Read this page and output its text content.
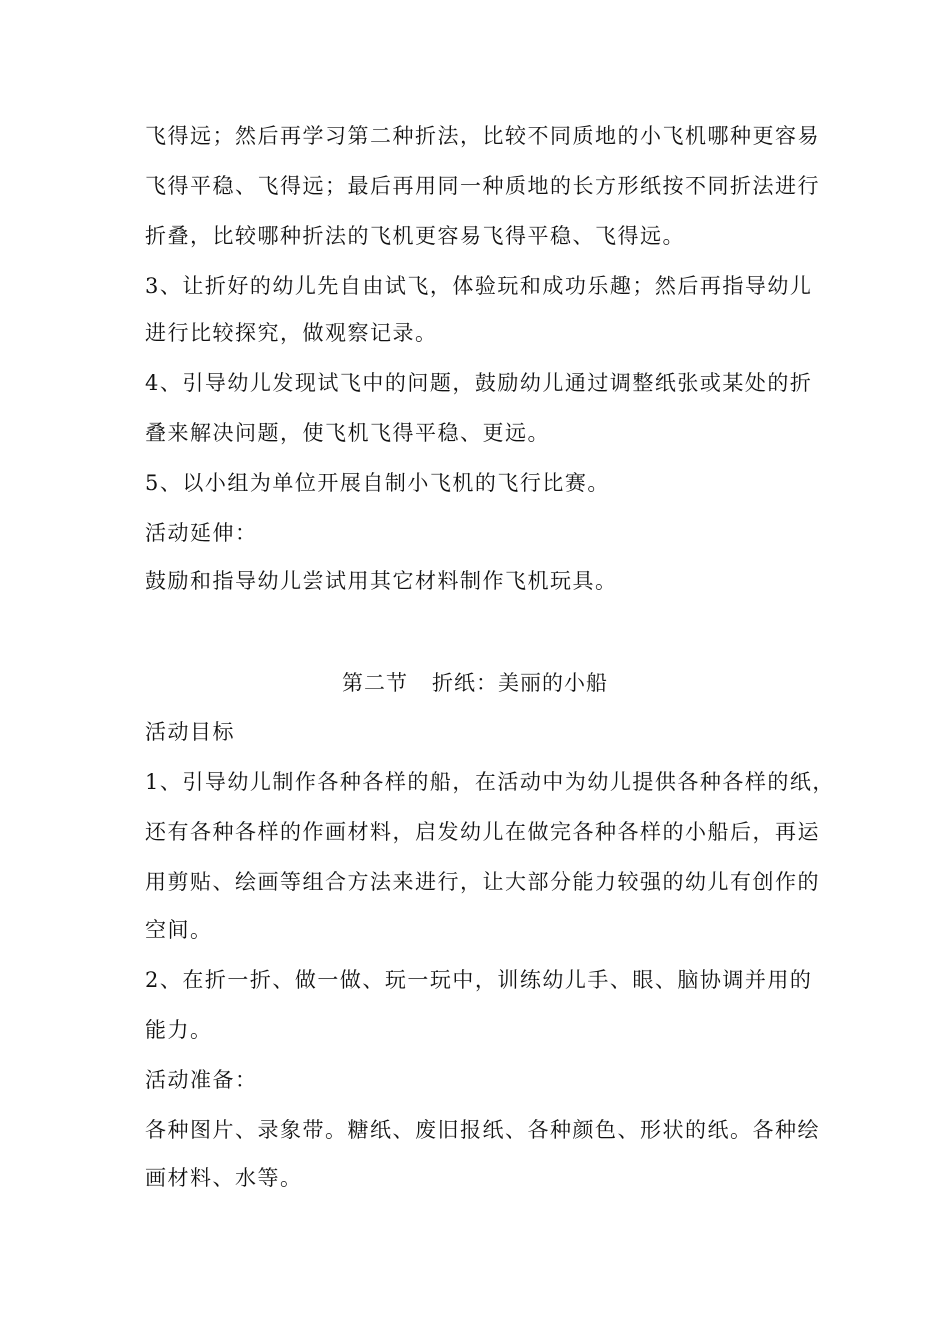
飞得远；然后再学习第二种折法，比较不同质地的小飞机哪种更容易
飞得平稳、飞得远；最后再用同一种质地的长方形纸按不同折法进行
折叠，比较哪种折法的飞机更容易飞得平稳、飞得远。
3、让折好的幼儿先自由试飞，体验玩和成功乐趣；然后再指导幼儿
进行比较探究，做观察记录。
4、引导幼儿发现试飞中的问题，鼓励幼儿通过调整纸张或某处的折
叠来解决问题，使飞机飞得平稳、更远。
5、以小组为单位开展自制小飞机的飞行比赛。
活动延伸：
鼓励和指导幼儿尝试用其它材料制作飞机玩具。
第二节 折纸：美丽的小船
活动目标
1、引导幼儿制作各种各样的船，在活动中为幼儿提供各种各样的纸，
还有各种各样的作画材料，启发幼儿在做完各种各样的小船后，再运
用剪贴、绘画等组合方法来进行，让大部分能力较强的幼儿有创作的
空间。
2、在折一折、做一做、玩一玩中，训练幼儿手、眼、脑协调并用的
能力。
活动准备：
各种图片、录象带。糖纸、废旧报纸、各种颜色、形状的纸。各种绘
画材料、水等。
